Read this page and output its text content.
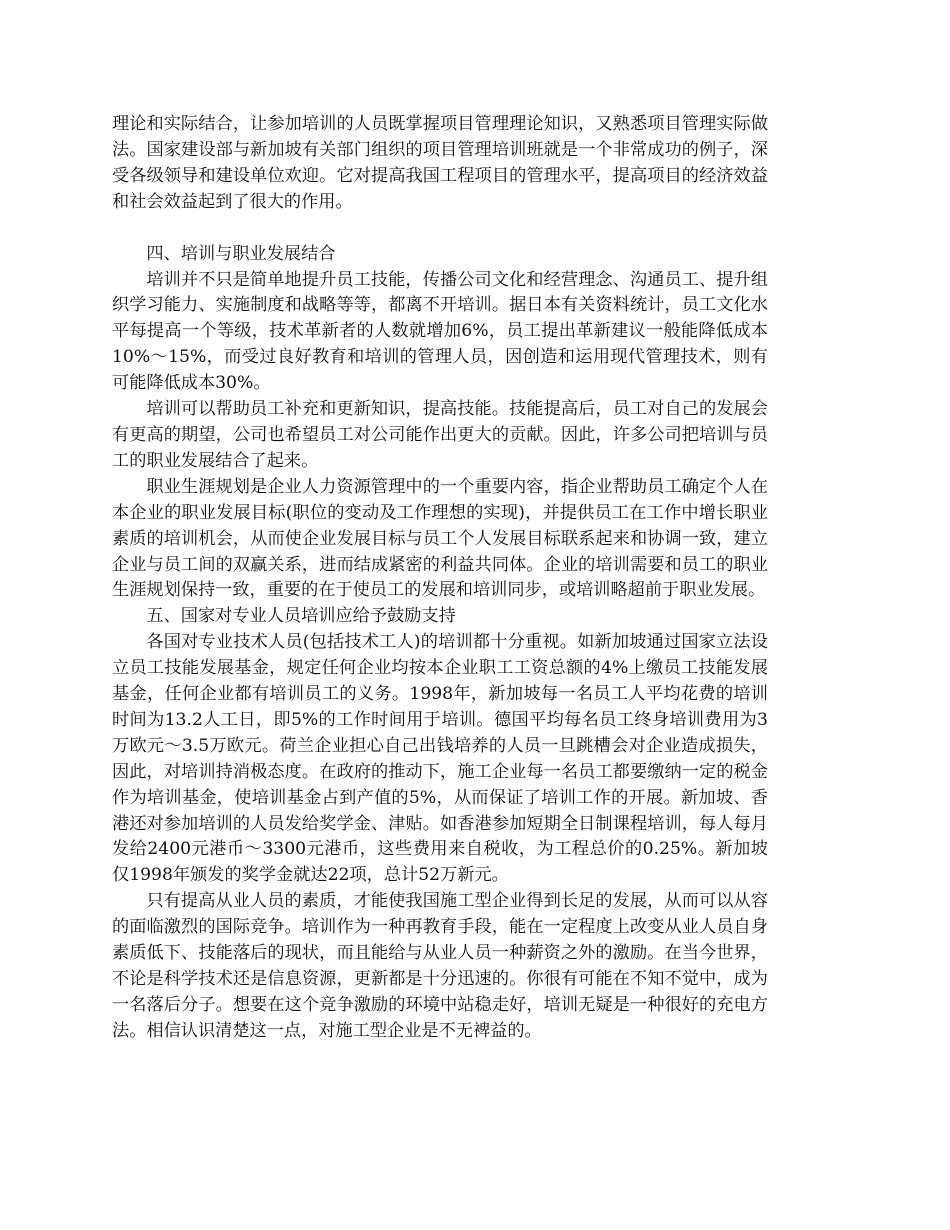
理论和实际结合，让参加培训的人员既掌握项目管理理论知识，又熟悉项目管理实际做法。国家建设部与新加坡有关部门组织的项目管理培训班就是一个非常成功的例子，深受各级领导和建设单位欢迎。它对提高我国工程项目的管理水平，提高项目的经济效益和社会效益起到了很大的作用。

四、培训与职业发展结合

培训并不只是简单地提升员工技能，传播公司文化和经营理念、沟通员工、提升组织学习能力、实施制度和战略等等，都离不开培训。据日本有关资料统计，员工文化水平每提高一个等级，技术革新者的人数就增加6%，员工提出革新建议一般能降低成本10%～15%，而受过良好教育和培训的管理人员，因创造和运用现代管理技术，则有可能降低成本30%。

培训可以帮助员工补充和更新知识，提高技能。技能提高后，员工对自己的发展会有更高的期望，公司也希望员工对公司能作出更大的贡献。因此，许多公司把培训与员工的职业发展结合了起来。

职业生涯规划是企业人力资源管理中的一个重要内容，指企业帮助员工确定个人在本企业的职业发展目标(职位的变动及工作理想的实现)，并提供员工在工作中增长职业素质的培训机会，从而使企业发展目标与员工个人发展目标联系起来和协调一致，建立企业与员工间的双赢关系，进而结成紧密的利益共同体。企业的培训需要和员工的职业生涯规划保持一致，重要的在于使员工的发展和培训同步，或培训略超前于职业发展。

五、国家对专业人员培训应给予鼓励支持

各国对专业技术人员(包括技术工人)的培训都十分重视。如新加坡通过国家立法设立员工技能发展基金，规定任何企业均按本企业职工工资总额的4%上缴员工技能发展基金，任何企业都有培训员工的义务。1998年，新加坡每一名员工人平均花费的培训时间为13.2人工日，即5%的工作时间用于培训。德国平均每名员工终身培训费用为3万欧元～3.5万欧元。荷兰企业担心自己出钱培养的人员一旦跳槽会对企业造成损失，因此，对培训持消极态度。在政府的推动下，施工企业每一名员工都要缴纳一定的税金作为培训基金，使培训基金占到产值的5%，从而保证了培训工作的开展。新加坡、香港还对参加培训的人员发给奖学金、津贴。如香港参加短期全日制课程培训，每人每月发给2400元港币～3300元港币，这些费用来自税收，为工程总价的0.25%。新加坡仅1998年颁发的奖学金就达22项，总计52万新元。

只有提高从业人员的素质，才能使我国施工型企业得到长足的发展，从而可以从容的面临激烈的国际竞争。培训作为一种再教育手段，能在一定程度上改变从业人员自身素质低下、技能落后的现状，而且能给与从业人员一种薪资之外的激励。在当今世界，不论是科学技术还是信息资源，更新都是十分迅速的。你很有可能在不知不觉中，成为一名落后分子。想要在这个竞争激励的环境中站稳走好，培训无疑是一种很好的充电方法。相信认识清楚这一点，对施工型企业是不无裨益的。
